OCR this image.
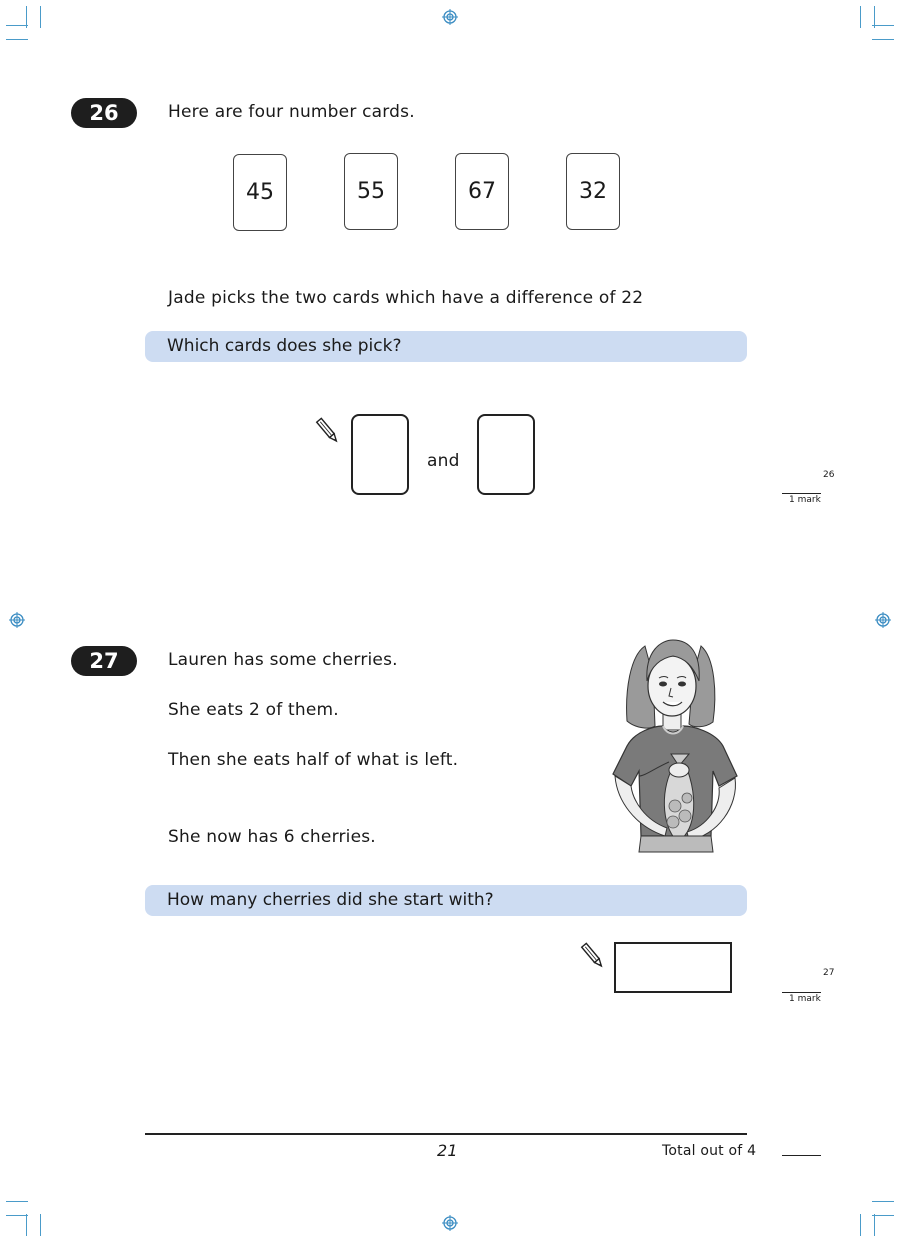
26	Here are four number cards.
45	55	67	32
Jade picks the two cards which have a difference of 22
Which cards does she pick?
and
26
1 mark
27	Lauren has some cherries.
She eats 2 of them.
Then she eats half of what is left.
She now has 6 cherries.
How many cherries did she start with?
27
1 mark
21	Total out of 4
